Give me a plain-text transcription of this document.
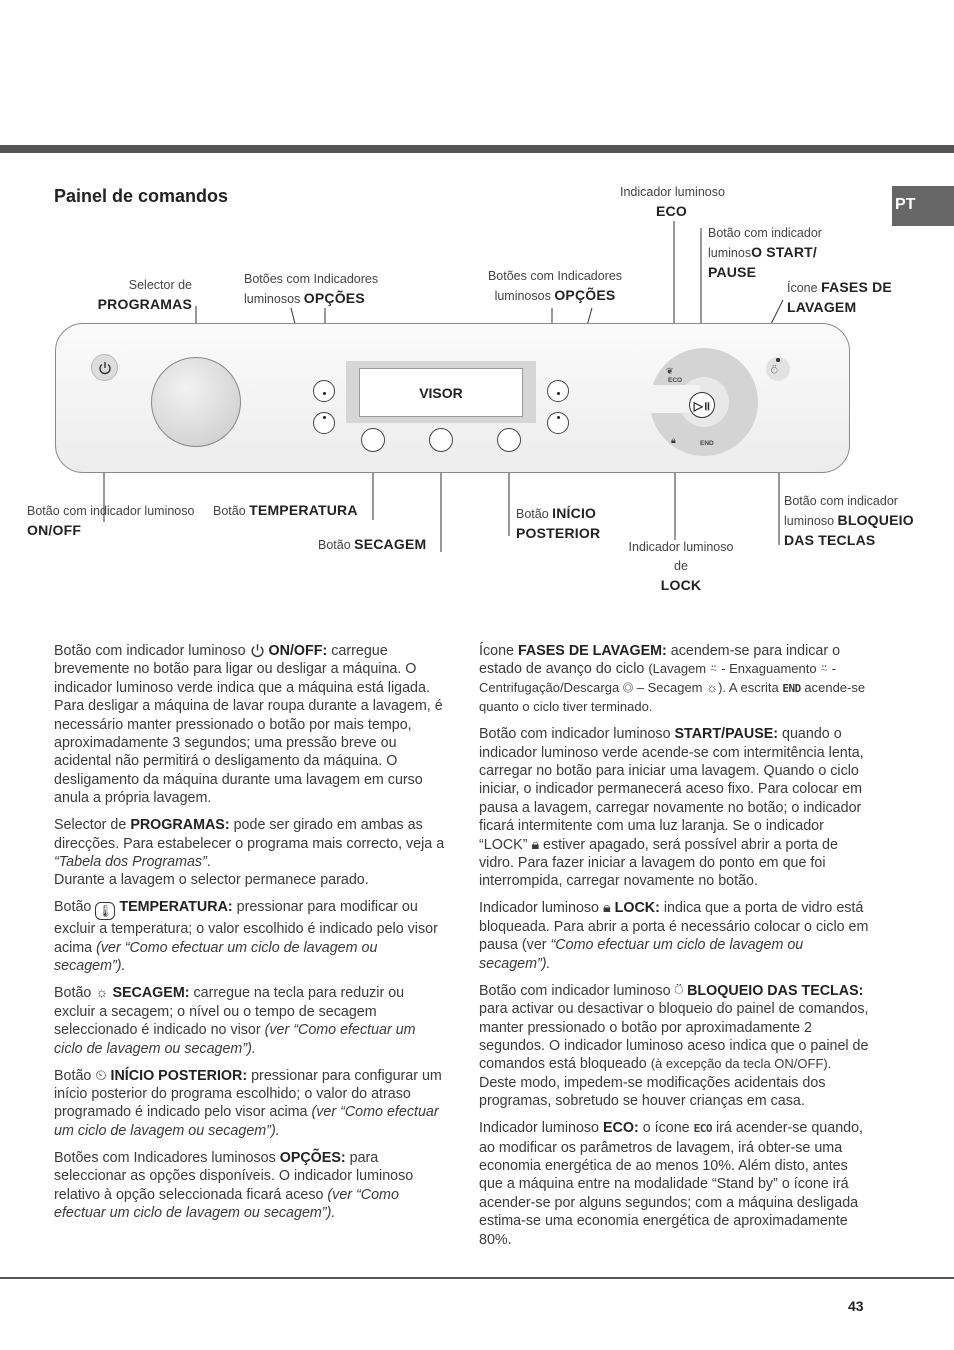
PT
Painel de comandos
VISOR
❦
ECO
▷॥
🔒︎	END
⍥
Indicador luminoso
ECO
Botão com indicador
luminosO START/
PAUSE
Ícone FASES DE
LAVAGEM
Selector de
PROGRAMAS
Botões com Indicadores
luminosos OPÇÕES
Botões com Indicadores
luminosos OPÇÕES
Botão com indicador luminoso
ON/OFF
Botão TEMPERATURA
Botão SECAGEM
Botão INÍCIO
POSTERIOR
Indicador luminoso de
LOCK
Botão com indicador
luminoso BLOQUEIO
DAS TECLAS

Botão com indicador luminoso ON/OFF: carregue brevemente no botão para ligar ou desligar a máquina. O indicador luminoso verde indica que a máquina está ligada. Para desligar a máquina de lavar roupa durante a lavagem, é necessário manter pressionado o botão por mais tempo, aproximadamente 3 segundos; uma pressão breve ou acidental não permitirá o desligamento da máquina. O desligamento da máquina durante uma lavagem em curso anula a própria lavagem.

Selector de PROGRAMAS: pode ser girado em ambas as direcções. Para estabelecer o programa mais correcto, veja a “Tabela dos Programas”.
Durante a lavagem o selector permanece parado.

Botão 🌡︎ TEMPERATURA: pressionar para modificar ou excluir a temperatura; o valor escolhido é indicado pelo visor acima (ver “Como efectuar um ciclo de lavagem ou secagem”).

Botão ☼ SECAGEM: carregue na tecla para reduzir ou excluir a secagem; o nível ou o tempo de secagem seleccionado é indicado no visor (ver “Como efectuar um ciclo de lavagem ou secagem”).

Botão ⏲︎ INÍCIO POSTERIOR: pressionar para configurar um início posterior do programa escolhido; o valor do atraso programado é indicado pelo visor acima (ver “Como efectuar um ciclo de lavagem ou secagem”).

Botões com Indicadores luminosos OPÇÕES: para seleccionar as opções disponíveis. O indicador luminoso relativo à opção seleccionada ficará aceso (ver “Como efectuar um ciclo de lavagem ou secagem”).

Ícone FASES DE LAVAGEM: acendem-se para indicar o estado de avanço do ciclo (Lavagem ⍨ - Enxaguamento ⍨ - Centrifugação/Descarga ◎ – Secagem ☼). A escrita END acende-se quanto o ciclo tiver terminado.

Botão com indicador luminoso START/PAUSE: quando o indicador luminoso verde acende-se com intermitência lenta, carregar no botão para iniciar uma lavagem. Quando o ciclo iniciar, o indicador permanecerá aceso fixo. Para colocar em pausa a lavagem, carregar novamente no botão; o indicador ficará intermitente com uma luz laranja. Se o indicador “LOCK” 🔒︎ estiver apagado, será possível abrir a porta de vidro. Para fazer iniciar a lavagem do ponto em que foi interrompida, carregar novamente no botão.

Indicador luminoso 🔒︎ LOCK: indica que a porta de vidro está bloqueada. Para abrir a porta é necessário colocar o ciclo em pausa (ver “Como efectuar um ciclo de lavagem ou secagem”).

Botão com indicador luminoso ⍥ BLOQUEIO DAS TECLAS: para activar ou desactivar o bloqueio do painel de comandos, manter pressionado o botão por aproximadamente 2 segundos. O indicador luminoso aceso indica que o painel de comandos está bloqueado (à excepção da tecla ON/OFF). Deste modo, impedem-se modificações acidentais dos programas, sobretudo se houver crianças em casa.

Indicador luminoso ECO: o ícone ECO irá acender-se quando, ao modificar os parâmetros de lavagem, irá obter-se uma economia energética de ao menos 10%. Além disto, antes que a máquina entre na modalidade “Stand by” o ícone irá acender-se por alguns segundos; com a máquina desligada estima-se uma economia energética de aproximadamente 80%.

43
